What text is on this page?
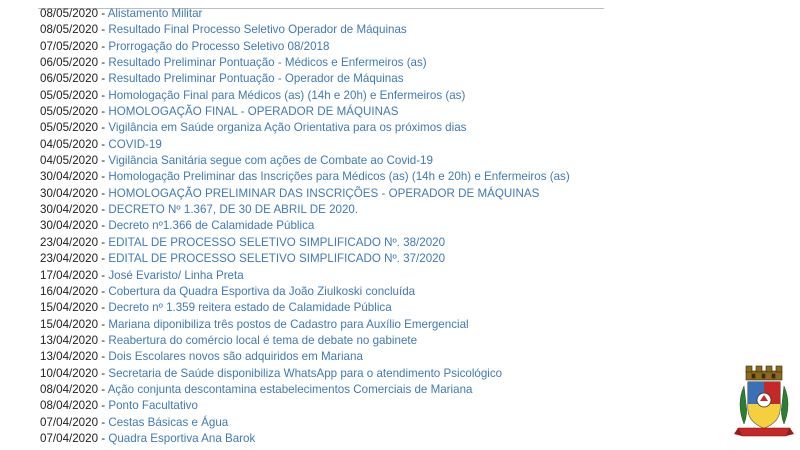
08/05/2020 - Alistamento Militar
08/05/2020 - Resultado Final Processo Seletivo Operador de Máquinas
07/05/2020 - Prorrogação do Processo Seletivo 08/2018
06/05/2020 - Resultado Preliminar Pontuação - Médicos e Enfermeiros (as)
06/05/2020 - Resultado Preliminar Pontuação - Operador de Máquinas
05/05/2020 - Homologação Final para Médicos (as) (14h e 20h) e Enfermeiros (as)
05/05/2020 - HOMOLOGAÇÃO FINAL - OPERADOR DE MÁQUINAS
05/05/2020 - Vigilância em Saúde organiza Ação Orientativa para os próximos dias
04/05/2020 - COVID-19
04/05/2020 - Vigilância Sanitária segue com ações de Combate ao Covid-19
30/04/2020 - Homologação Preliminar das Inscrições para Médicos (as) (14h e 20h) e Enfermeiros (as)
30/04/2020 - HOMOLOGAÇÃO PRELIMINAR DAS INSCRIÇÕES - OPERADOR DE MÁQUINAS
30/04/2020 - DECRETO Nº 1.367, DE 30 DE ABRIL DE 2020.
30/04/2020 - Decreto nº1.366 de Calamidade Pública
23/04/2020 - EDITAL DE PROCESSO SELETIVO SIMPLIFICADO Nº. 38/2020
23/04/2020 - EDITAL DE PROCESSO SELETIVO SIMPLIFICADO Nº. 37/2020
17/04/2020 - José Evaristo/ Linha Preta
16/04/2020 - Cobertura da Quadra Esportiva da João Ziulkoski concluída
15/04/2020 - Decreto nº 1.359 reitera estado de Calamidade Pública
15/04/2020 - Mariana diponibiliza três postos de Cadastro para Auxílio Emergencial
13/04/2020 - Reabertura do comércio local é tema de debate no gabinete
13/04/2020 - Dois Escolares novos são adquiridos em Mariana
10/04/2020 - Secretaria de Saúde disponibiliza WhatsApp para o atendimento Psicológico
08/04/2020 - Ação conjunta descontamina estabelecimentos Comerciais de Mariana
08/04/2020 - Ponto Facultativo
07/04/2020 - Cestas Básicas e Água
07/04/2020 - Quadra Esportiva Ana Barok
